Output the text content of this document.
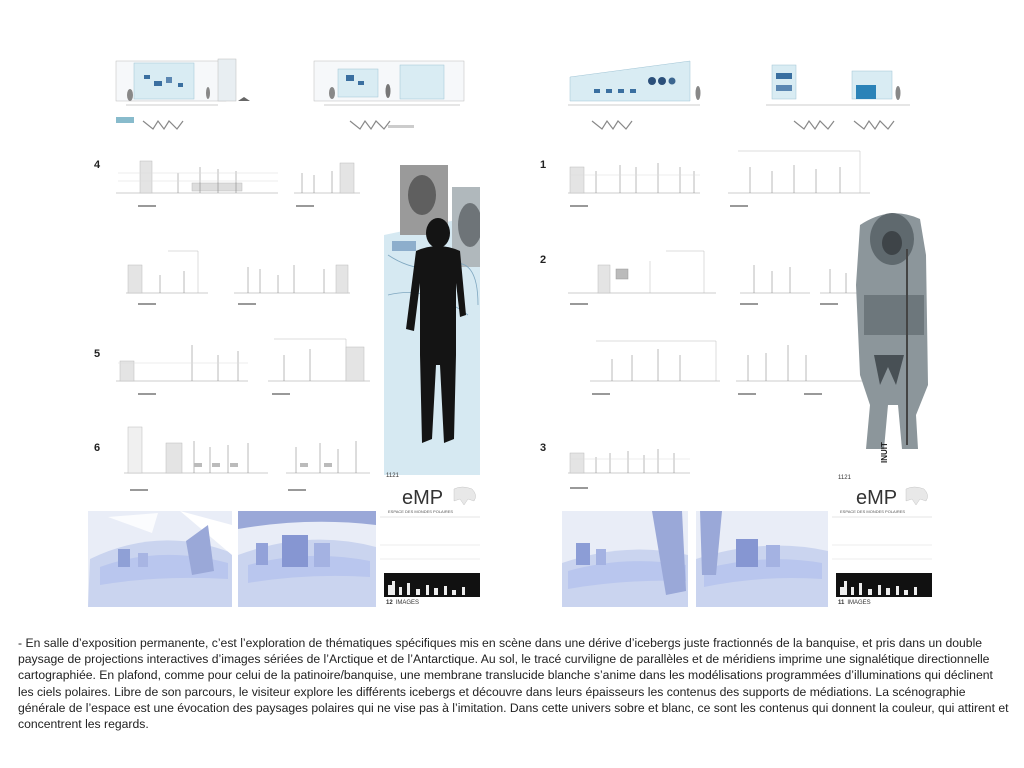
4
5
6
1121
eMP
ESPACE DES MONDES POLAIRES
12 IMAGES
1
2
3	INUIT
1121
eMP
ESPACE DES MONDES POLAIRES
11 IMAGES
- En salle d’exposition permanente, c’est l’exploration de thématiques spécifiques mis en scène dans une dérive d’icebergs juste fractionnés de la banquise, et pris dans un double paysage de projections interactives d’images sériées de l’Arctique et de l’Antarctique. Au sol, le tracé curviligne de parallèles et de méridiens imprime une signalétique directionnelle cartographiée. En plafond, comme pour celui de la patinoire/banquise, une membrane translucide blanche s’anime dans les modélisations programmées d’illuminations qui déclinent les ciels polaires. Libre de son parcours, le visiteur explore les différents icebergs et découvre dans leurs épaisseurs les contenus des supports de médiations. La scénographie générale de l’espace est une évocation des paysages polaires qui ne vise pas à l’imitation. Dans cette univers sobre et blanc, ce sont les contenus qui donnent la couleur, qui attirent et concentrent les regards.
